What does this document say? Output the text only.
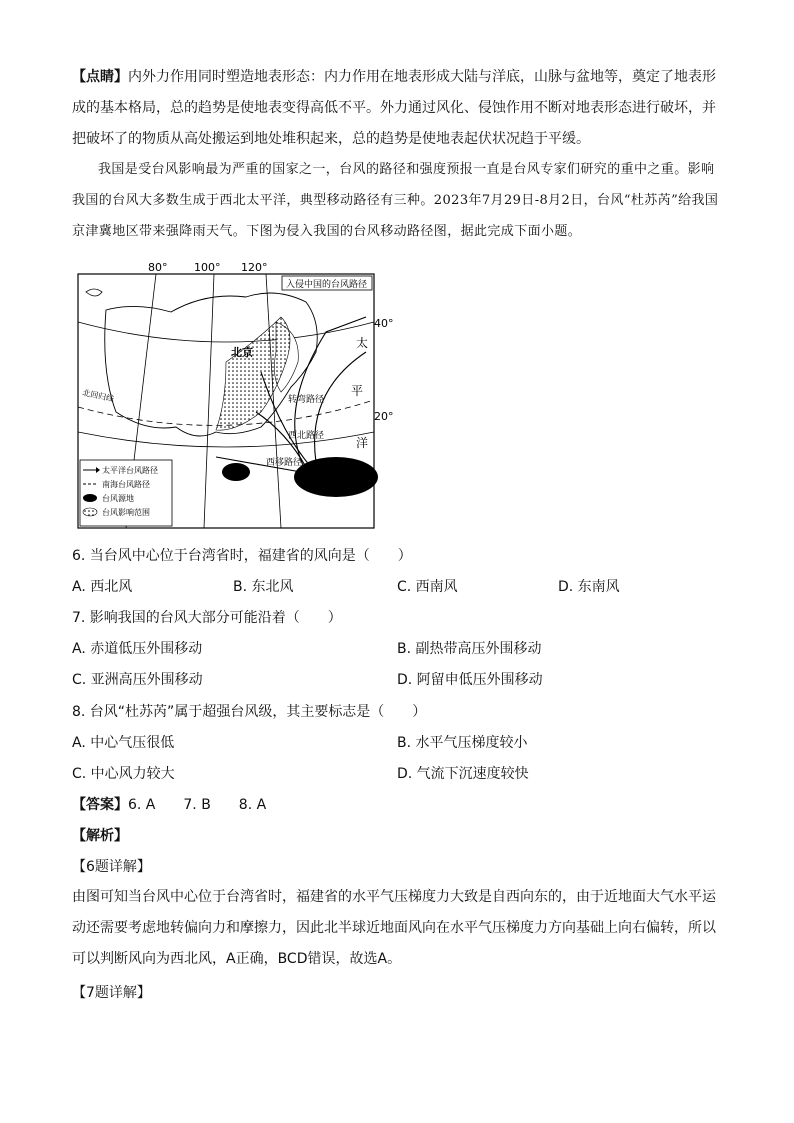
【点睛】内外力作用同时塑造地表形态：内力作用在地表形成大陆与洋底，山脉与盆地等，奠定了地表形成的基本格局，总的趋势是使地表变得高低不平。外力通过风化、侵蚀作用不断对地表形态进行破坏，并把破坏了的物质从高处搬运到地处堆积起来，总的趋势是使地表起伏状况趋于平缓。
我国是受台风影响最为严重的国家之一，台风的路径和强度预报一直是台风专家们研究的重中之重。影响我国的台风大多数生成于西北太平洋，典型移动路径有三种。2023年7月29日-8月2日，台风“杜苏芮”给我国京津冀地区带来强降雨天气。下图为侵入我国的台风移动路径图，据此完成下面小题。
80° 100° 120°
40°
20°
入侵中国的台风路径
北京
北回归线
太
平
洋
转弯路径
西北路径
西移路径
太平洋台风路径
南海台风路径
台风源地
台风影响范围
6. 当台风中心位于台湾省时，福建省的风向是（　　）
A. 西北风	B. 东北风	C. 西南风	D. 东南风
7. 影响我国的台风大部分可能沿着（　　）
A. 赤道低压外围移动	B. 副热带高压外围移动
C. 亚洲高压外围移动	D. 阿留申低压外围移动
8. 台风“杜苏芮”属于超强台风级，其主要标志是（　　）
A. 中心气压很低	B. 水平气压梯度较小
C. 中心风力较大	D. 气流下沉速度较快
【答案】6. A　　7. B　　8. A
【解析】
【6题详解】
由图可知当台风中心位于台湾省时，福建省的水平气压梯度力大致是自西向东的，由于近地面大气水平运动还需要考虑地转偏向力和摩擦力，因此北半球近地面风向在水平气压梯度力方向基础上向右偏转，所以可以判断风向为西北风，A正确，BCD错误，故选A。
【7题详解】
